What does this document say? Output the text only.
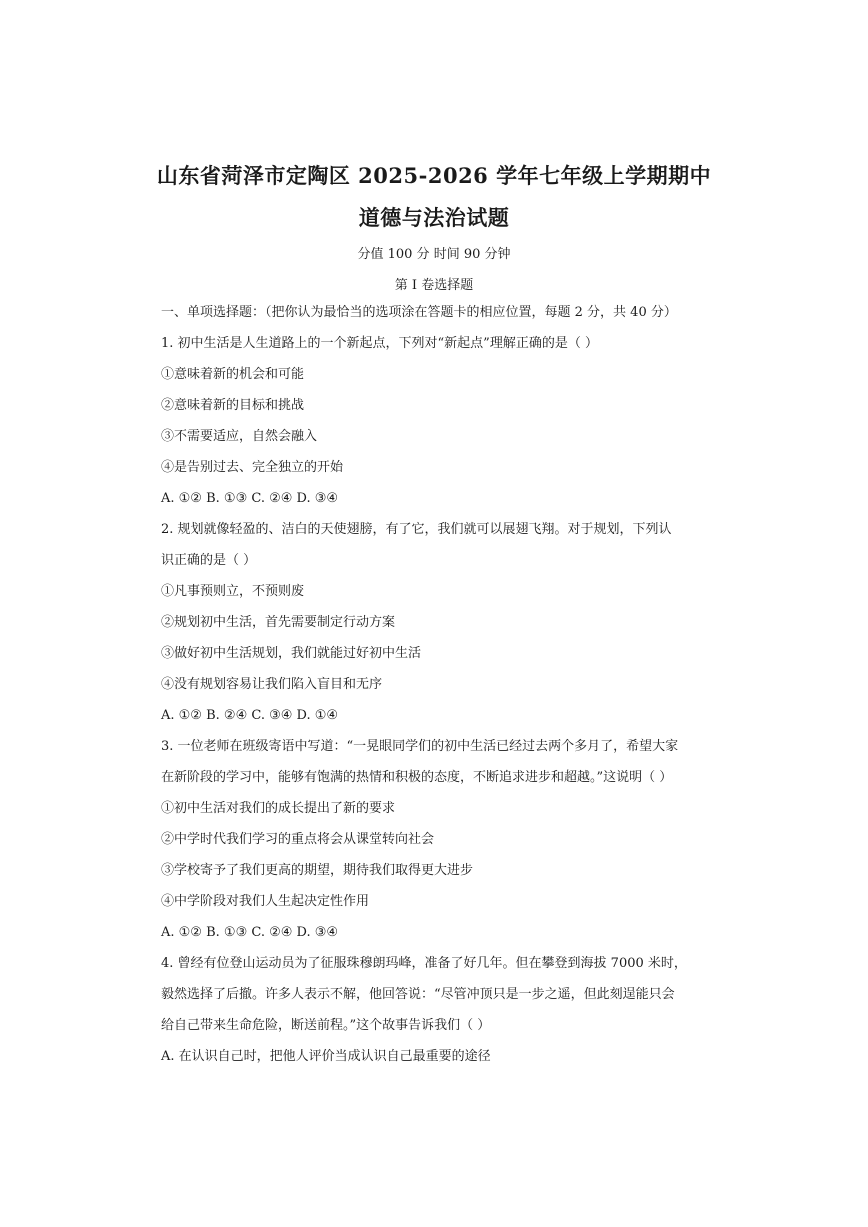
山东省菏泽市定陶区 2025-2026 学年七年级上学期期中
道德与法治试题
分值 100 分 时间 90 分钟
第 I 卷选择题
一、单项选择题：（把你认为最恰当的选项涂在答题卡的相应位置，每题 2 分，共 40 分）
1. 初中生活是人生道路上的一个新起点，下列对“新起点”理解正确的是（ ）
①意味着新的机会和可能
②意味着新的目标和挑战
③不需要适应，自然会融入
④是告别过去、完全独立的开始
A. ①② B. ①③ C. ②④ D. ③④
2. 规划就像轻盈的、洁白的天使翅膀，有了它，我们就可以展翅飞翔。对于规划，下列认
识正确的是（ ）
①凡事预则立，不预则废
②规划初中生活，首先需要制定行动方案
③做好初中生活规划，我们就能过好初中生活
④没有规划容易让我们陷入盲目和无序
A. ①② B. ②④ C. ③④ D. ①④
3. 一位老师在班级寄语中写道：“一晃眼同学们的初中生活已经过去两个多月了，希望大家
在新阶段的学习中，能够有饱满的热情和积极的态度，不断追求进步和超越。”这说明（ ）
①初中生活对我们的成长提出了新的要求
②中学时代我们学习的重点将会从课堂转向社会
③学校寄予了我们更高的期望，期待我们取得更大进步
④中学阶段对我们人生起决定性作用
A. ①② B. ①③ C. ②④ D. ③④
4. 曾经有位登山运动员为了征服珠穆朗玛峰，准备了好几年。但在攀登到海拔 7000 米时，
毅然选择了后撤。许多人表示不解，他回答说：“尽管冲顶只是一步之遥，但此刻逞能只会
给自己带来生命危险，断送前程。”这个故事告诉我们（ ）
A. 在认识自己时，把他人评价当成认识自己最重要的途径
